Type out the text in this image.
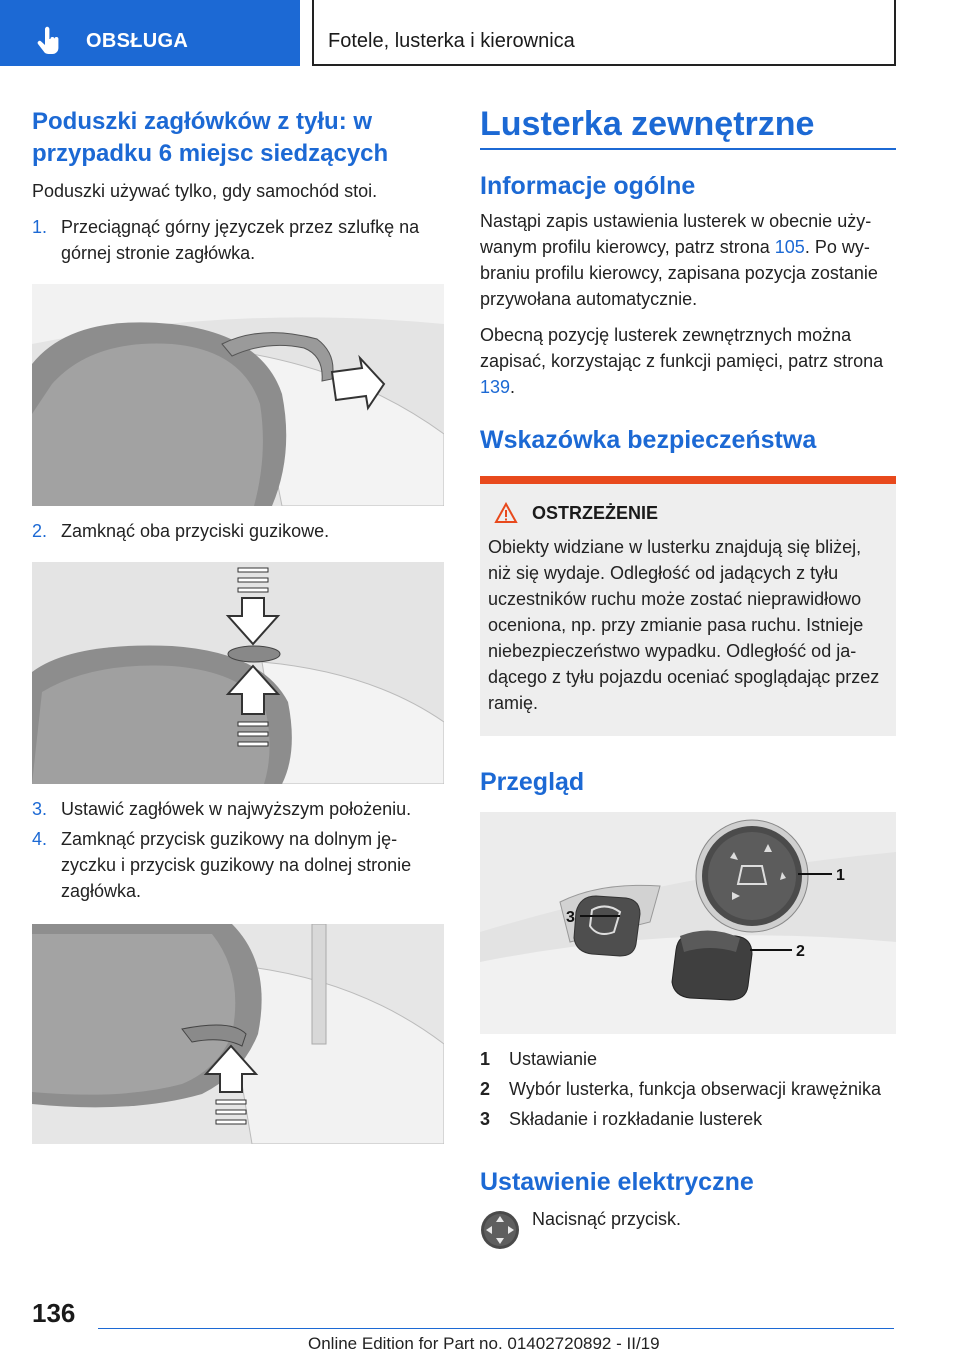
OBSŁUGA	Fotele, lusterka i kierownica
Poduszki zagłówków z tyłu: w przypadku 6 miejsc siedzących

Poduszki używać tylko, gdy samochód stoi.

1. Przeciągnąć górny języczek przez szlufkę na górnej stronie zagłówka.
2. Zamknąć oba przyciski guzikowe.
3. Ustawić zagłówek w najwyższym położeniu.
4. Zamknąć przycisk guzikowy na dolnym języczku i przycisk guzikowy na dolnej stronie zagłówka.
Lusterka zewnętrzne
Informacje ogólne

Nastąpi zapis ustawienia lusterek w obecnie używanym profilu kierowcy, patrz strona 105. Po wybraniu profilu kierowcy, zapisana pozycja zostanie przywołana automatycznie.

Obecną pozycję lusterek zewnętrznych można zapisać, korzystając z funkcji pamięci, patrz strona 139.

Wskazówka bezpieczeństwa
OSTRZEŻENIE

Obiekty widziane w lusterku znajdują się bliżej, niż się wydaje. Odległość od jadących z tyłu uczestników ruchu może zostać nieprawidłowo oceniona, np. przy zmianie pasa ruchu. Istnieje niebezpieczeństwo wypadku. Odległość od jadącego z tyłu pojazdu oceniać spoglądając przez ramię.

Przegląd
1
2
3
1	Ustawianie
2	Wybór lusterka, funkcja obserwacji krawężnika
3	Składanie i rozkładanie lusterek
Ustawienie elektryczne

Nacisnąć przycisk.

136
Online Edition for Part no. 01402720892 - II/19
